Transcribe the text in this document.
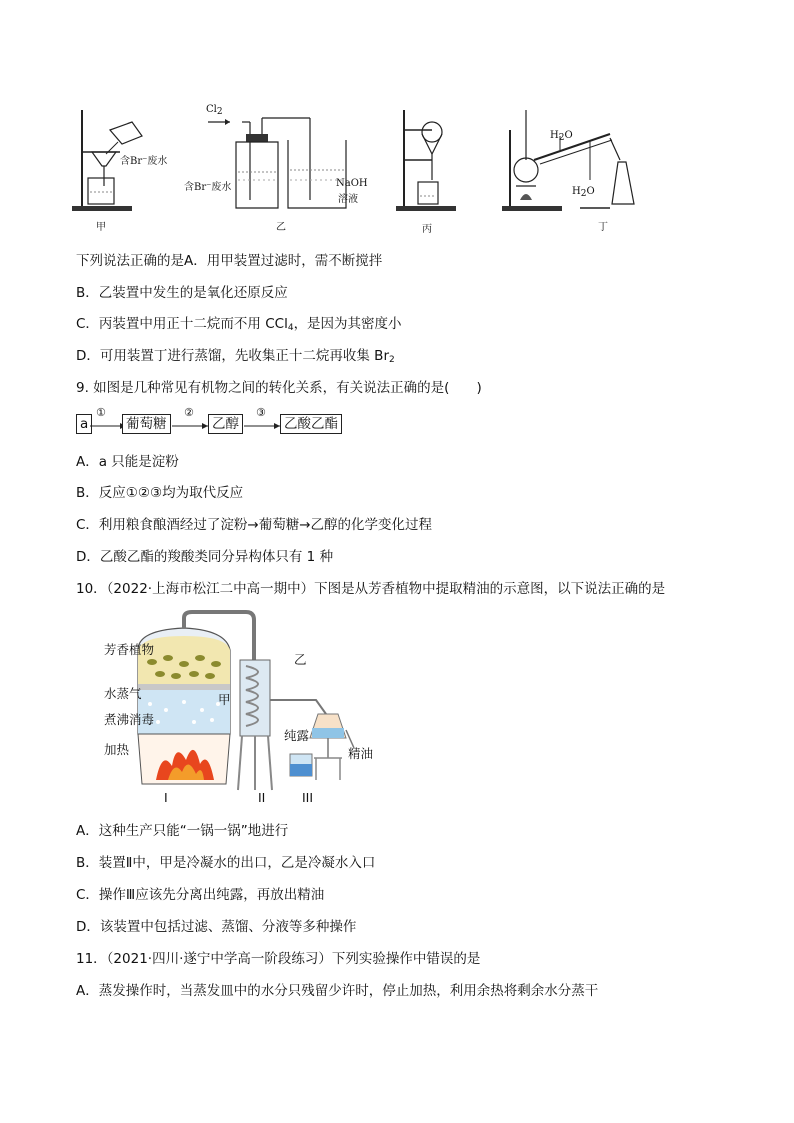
含Br⁻废水
甲
$Cl_2$
含Br⁻废水	NaOH
溶液
乙	丙
$H_2O$
$H_2O$
丁
下列说法正确的是A．用甲装置过滤时，需不断搅拌
B．乙装置中发生的是氧化还原反应
C．丙装置中用正十二烷而不用 CCl$_4$，是因为其密度小
D．可用装置丁进行蒸馏，先收集正十二烷再收集 $Br_2$
9. 如图是几种常见有机物之间的转化关系，有关说法正确的是(　　)
a
①
葡萄糖
②
乙醇
③
乙酸乙酯
A．a 只能是淀粉
B．反应①②③均为取代反应
C．利用粮食酿酒经过了淀粉→葡萄糖→乙醇的化学变化过程
D．乙酸乙酯的羧酸类同分异构体只有 1 种
10．（2022·上海市松江二中高一期中）下图是从芳香植物中提取精油的示意图，以下说法正确的是
芳香植物
水蒸气
煮沸消毒
加热
甲
乙
纯露
精油
I	II	III
A．这种生产只能“一锅一锅”地进行
B．装置Ⅱ中，甲是冷凝水的出口，乙是冷凝水入口
C．操作Ⅲ应该先分离出纯露，再放出精油
D．该装置中包括过滤、蒸馏、分液等多种操作
11．（2021·四川·遂宁中学高一阶段练习）下列实验操作中错误的是
A．蒸发操作时，当蒸发皿中的水分只残留少许时，停止加热，利用余热将剩余水分蒸干
